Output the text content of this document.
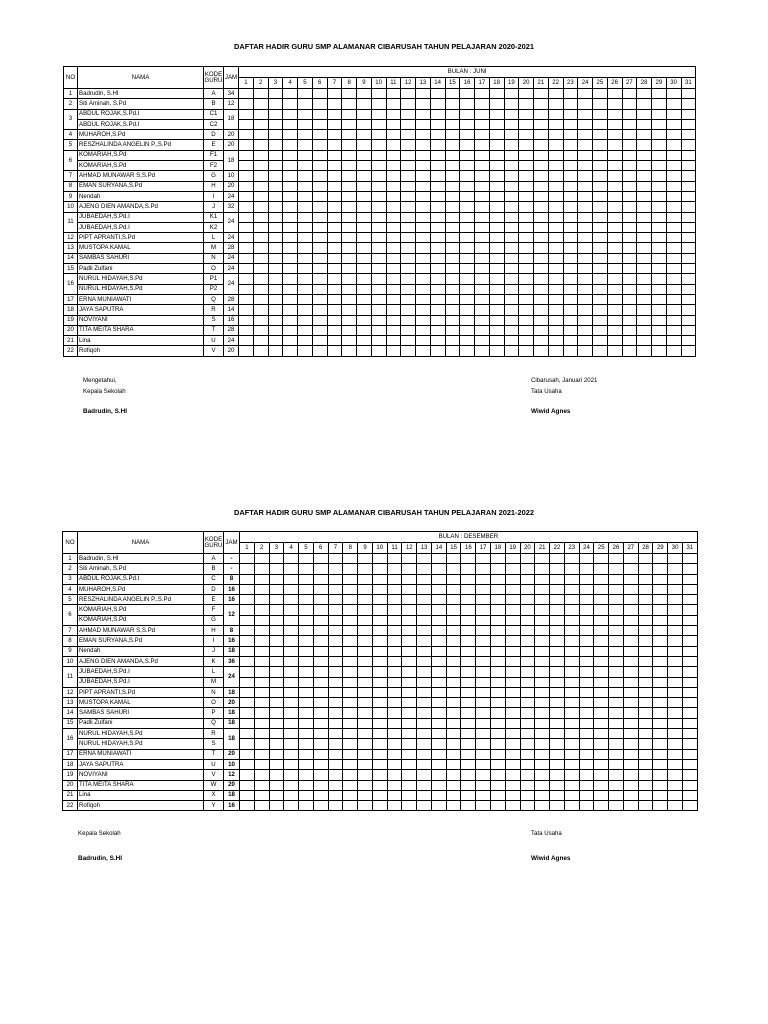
DAFTAR HADIR GURU SMP ALAMANAR CIBARUSAH TAHUN PELAJARAN 2020-2021
NO	NAMA	KODE
GURU	JAM	BULAN : JUNI																														
				1	2	3	4	5	6	7	8	9	10	11	12	13	14	15	16	17	18	19	20	21	22	23	24	25	26	27	28	29	30	31
1	Badrudin, S.HI	A	34																															
2	Siti Aminah, S.Pd	B	12																															
3	ABDUL ROJAK,S.Pd.I	C1	18																															
	ABDUL ROJAK,S.Pd.I	C2																																
4	MUHAROH,S.Pd	D	20																															
5	RESZHALINDA ANGELIN P.,S.Pd	E	20																															
6	KOMARIAH,S.Pd	F1	18																															
	KOMARIAH,S.Pd	F2																																
7	AHMAD MUNAWAR S,S.Pd	G	10																															
8	EMAN SURYANA,S.Pd	H	20																															
9	Nendah	I	24																															
10	AJENG DIEN AMANDA,S.Pd	J	32																															
11	JUBAEDAH,S.Pd.I	K1	24																															
	JUBAEDAH,S.Pd.I	K2																																
12	PIPT APRANTI,S.Pd	L	24																															
13	MUSTOPA KAMAL	M	28																															
14	SAMBAS SAHURI	N	24																															
15	Padli Zulfani	O	24																															
16	NURUL HIDAYAH,S.Pd	P1	24																															
	NURUL HIDAYAH,S.Pd	P2																																
17	ERNA MUNIAWATI	Q	28																															
18	JAYA SAPUTRA	R	14																															
19	NOVIYANI	S	16																															
20	TITA MEITA SHARA	T	28																															
21	Lina	U	24																															
22	Rofiqoh	V	20																															
Mengetahui,
Kepala Sekolah
Badrudin, S.HI
Cibarusah, Januari 2021
Tata Usaha
Wiwid Agnes
DAFTAR HADIR GURU SMP ALAMANAR CIBARUSAH TAHUN PELAJARAN 2021-2022
NO	NAMA	KODE
GURU	JAM	BULAN : DESEMBER																														
				1	2	3	4	5	6	7	8	9	10	11	12	13	14	15	16	17	18	19	20	21	22	23	24	25	26	27	28	29	30	31
1	Badrudin, S.HI	A	-																															
2	Siti Aminah, S.Pd	B	-																															
3	ABDUL ROJAK,S.Pd.I	C	8																															
4	MUHAROH,S.Pd	D	16																															
5	RESZHALINDA ANGELIN P.,S.Pd	E	16																															
6	KOMARIAH,S.Pd	F	12																															
	KOMARIAH,S.Pd	G																																
7	AHMAD MUNAWAR S,S.Pd	H	8																															
8	EMAN SURYANA,S.Pd	I	16																															
9	Nendah	J	18																															
10	AJENG DIEN AMANDA,S.Pd	K	36																															
11	JUBAEDAH,S.Pd.I	L	24																															
	JUBAEDAH,S.Pd.I	M																																
12	PIPT APRANTI,S.Pd	N	18																															
13	MUSTOPA KAMAL	O	20																															
14	SAMBAS SAHURI	P	18																															
15	Padli Zulfani	Q	18																															
16	NURUL HIDAYAH,S.Pd	R	18																															
	NURUL HIDAYAH,S.Pd	S																																
17	ERNA MUNIAWATI	T	20																															
18	JAYA SAPUTRA	U	10																															
19	NOVIYANI	V	12																															
20	TITA MEITA SHARA	W	20																															
21	Lina	X	18																															
22	Rofiqoh	Y	16																															
Kepala Sekolah
Badrudin, S.HI
Tata Usaha
Wiwid Agnes
